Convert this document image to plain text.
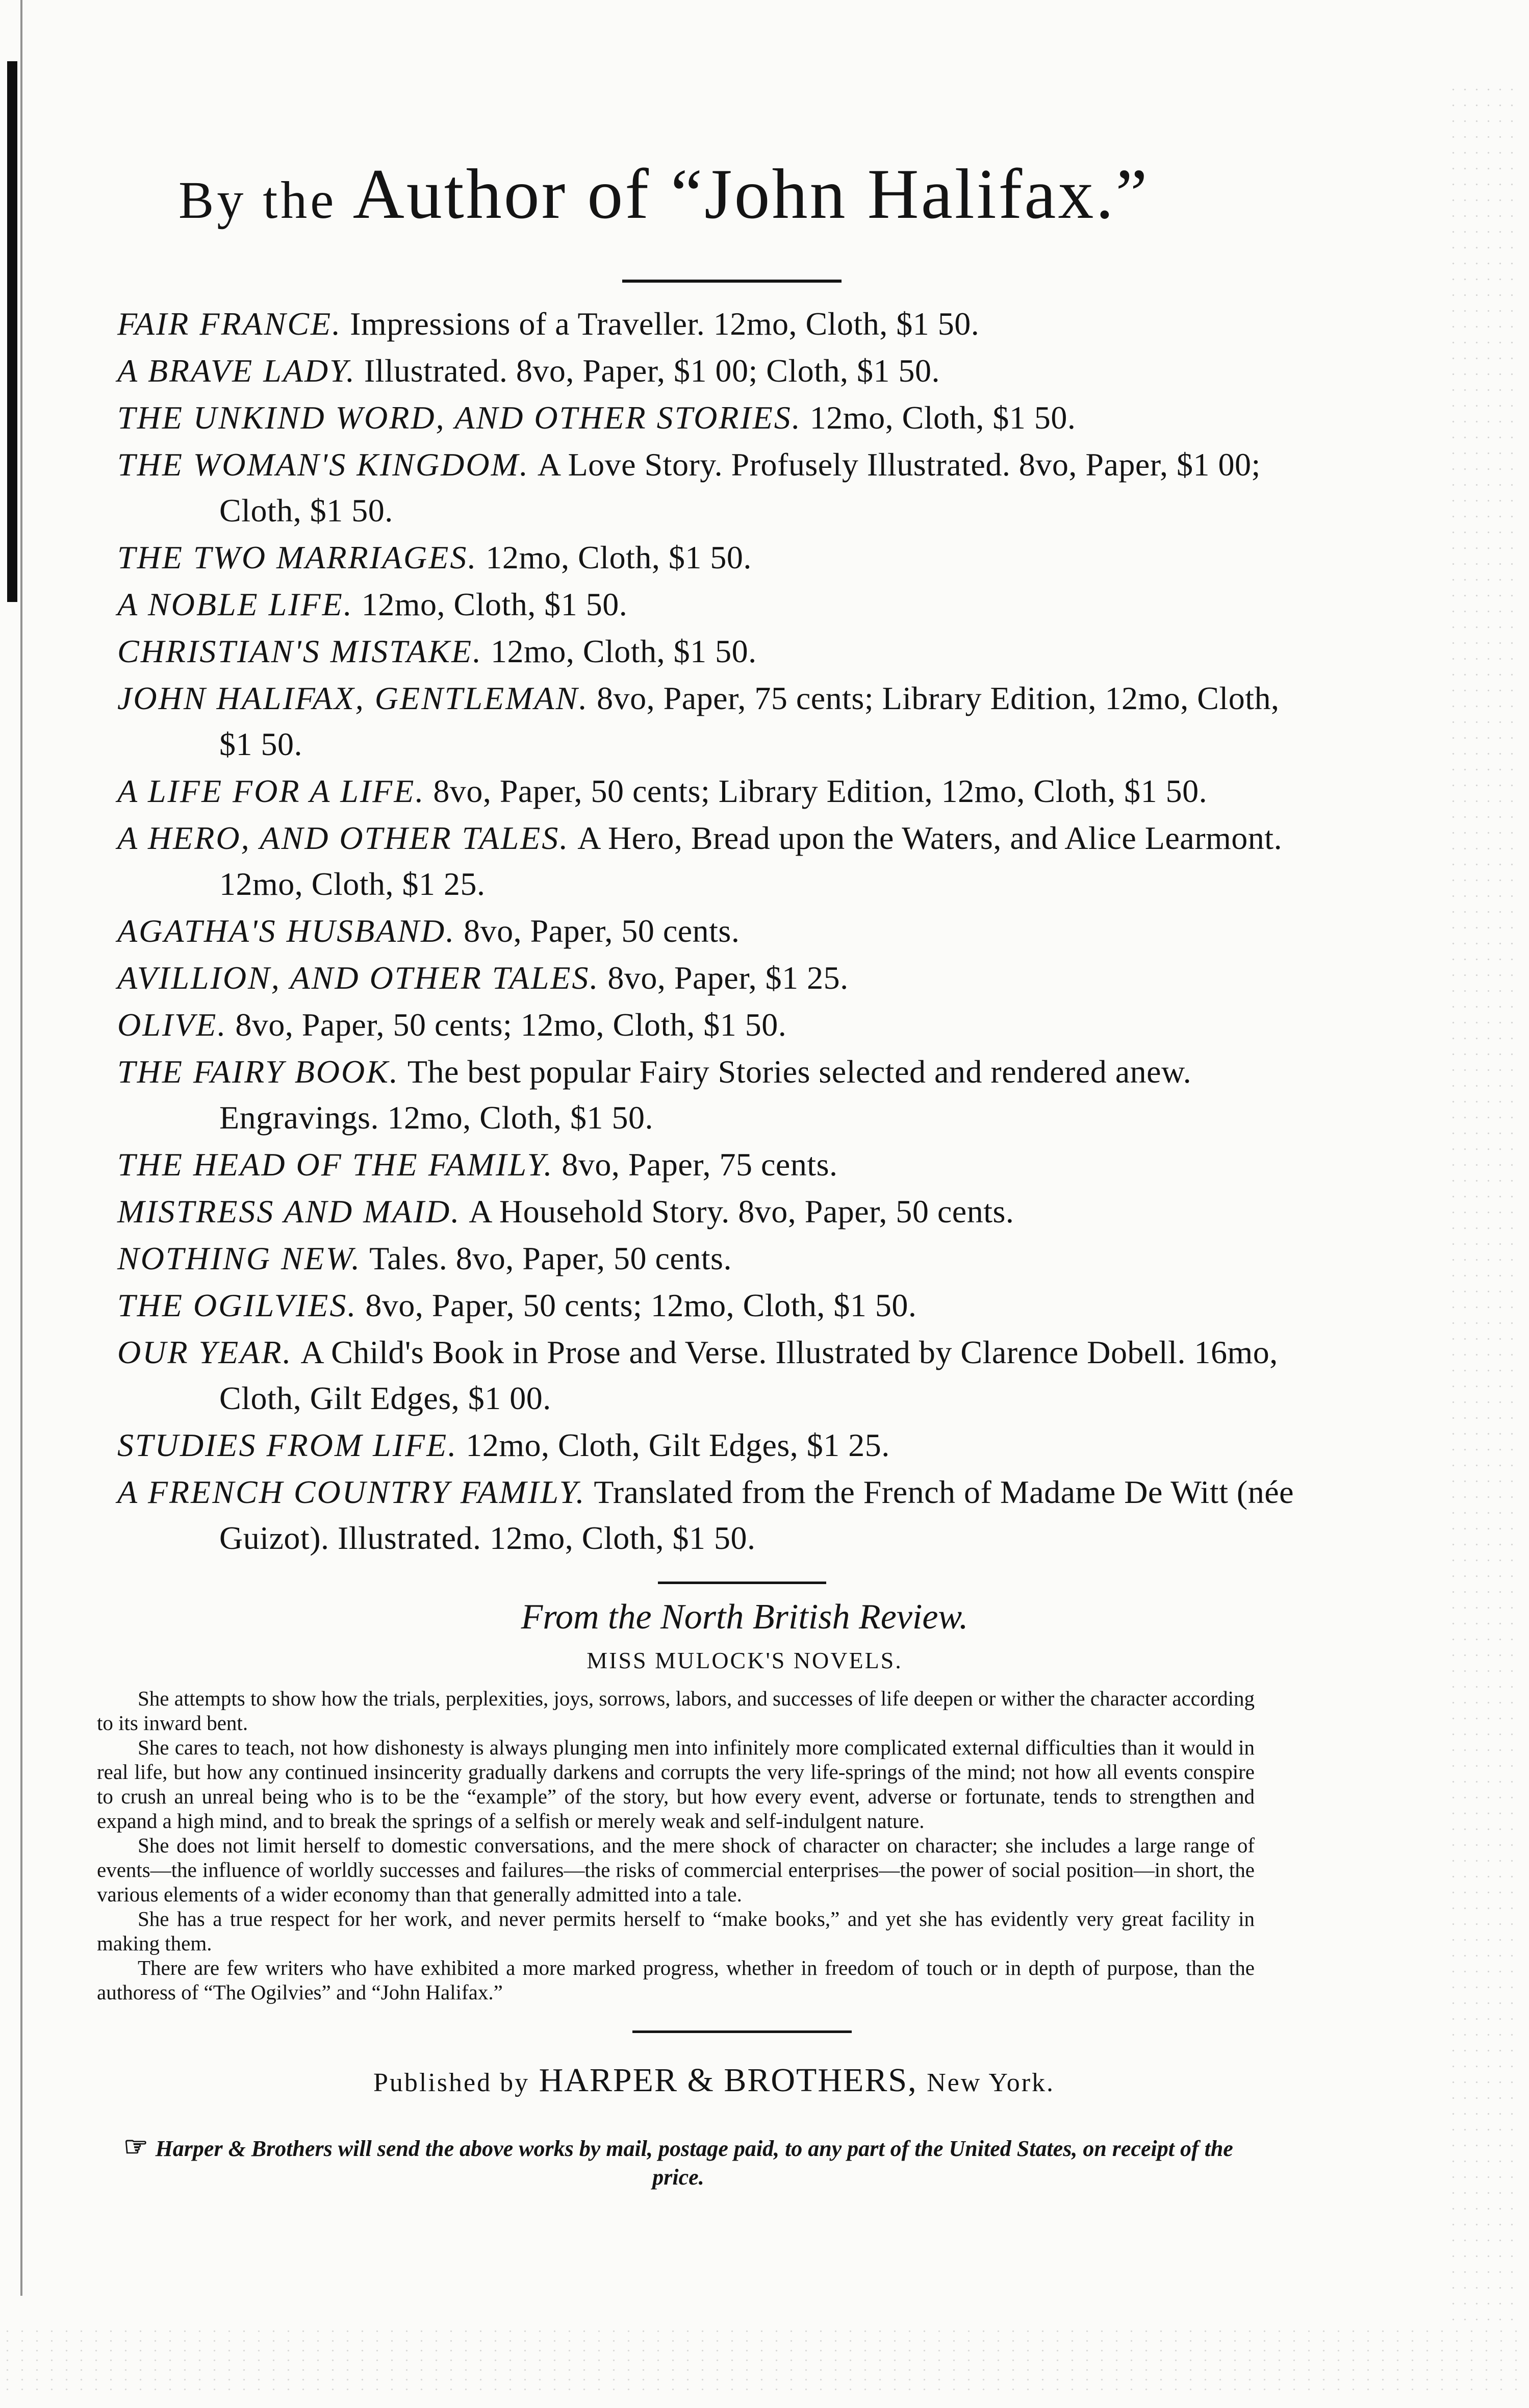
By the Author of “John Halifax.”
FAIR FRANCE. Impressions of a Traveller. 12mo, Cloth, $1 50.
A BRAVE LADY. Illustrated. 8vo, Paper, $1 00; Cloth, $1 50.
THE UNKIND WORD, AND OTHER STORIES. 12mo, Cloth, $1 50.
THE WOMAN'S KINGDOM. A Love Story. Profusely Illustrated. 8vo, Paper, $1 00; Cloth, $1 50.
THE TWO MARRIAGES. 12mo, Cloth, $1 50.
A NOBLE LIFE. 12mo, Cloth, $1 50.
CHRISTIAN'S MISTAKE. 12mo, Cloth, $1 50.
JOHN HALIFAX, GENTLEMAN. 8vo, Paper, 75 cents; Library Edition, 12mo, Cloth, $1 50.
A LIFE FOR A LIFE. 8vo, Paper, 50 cents; Library Edition, 12mo, Cloth, $1 50.
A HERO, AND OTHER TALES. A Hero, Bread upon the Waters, and Alice Learmont. 12mo, Cloth, $1 25.
AGATHA'S HUSBAND. 8vo, Paper, 50 cents.
AVILLION, AND OTHER TALES. 8vo, Paper, $1 25.
OLIVE. 8vo, Paper, 50 cents; 12mo, Cloth, $1 50.
THE FAIRY BOOK. The best popular Fairy Stories selected and rendered anew. Engravings. 12mo, Cloth, $1 50.
THE HEAD OF THE FAMILY. 8vo, Paper, 75 cents.
MISTRESS AND MAID. A Household Story. 8vo, Paper, 50 cents.
NOTHING NEW. Tales. 8vo, Paper, 50 cents.
THE OGILVIES. 8vo, Paper, 50 cents; 12mo, Cloth, $1 50.
OUR YEAR. A Child's Book in Prose and Verse. Illustrated by Clarence Dobell. 16mo, Cloth, Gilt Edges, $1 00.
STUDIES FROM LIFE. 12mo, Cloth, Gilt Edges, $1 25.
A FRENCH COUNTRY FAMILY. Translated from the French of Madame De Witt (née Guizot). Illustrated. 12mo, Cloth, $1 50.
From the North British Review.
MISS MULOCK'S NOVELS.

She attempts to show how the trials, perplexities, joys, sorrows, labors, and successes of life deepen or wither the character according to its inward bent.

She cares to teach, not how dishonesty is always plunging men into infinitely more complicated external difficulties than it would in real life, but how any continued insincerity gradually darkens and corrupts the very life-springs of the mind; not how all events conspire to crush an unreal being who is to be the “example” of the story, but how every event, adverse or fortunate, tends to strengthen and expand a high mind, and to break the springs of a selfish or merely weak and self-indulgent nature.

She does not limit herself to domestic conversations, and the mere shock of character on character; she includes a large range of events—the influence of worldly successes and failures—the risks of commercial enterprises—the power of social position—in short, the various elements of a wider economy than that generally admitted into a tale.

She has a true respect for her work, and never permits herself to “make books,” and yet she has evidently very great facility in making them.

There are few writers who have exhibited a more marked progress, whether in freedom of touch or in depth of purpose, than the authoress of “The Ogilvies” and “John Halifax.”

Published by HARPER & BROTHERS, New York.
☞ Harper & Brothers will send the above works by mail, postage paid, to any part of the United States, on receipt of the price.
